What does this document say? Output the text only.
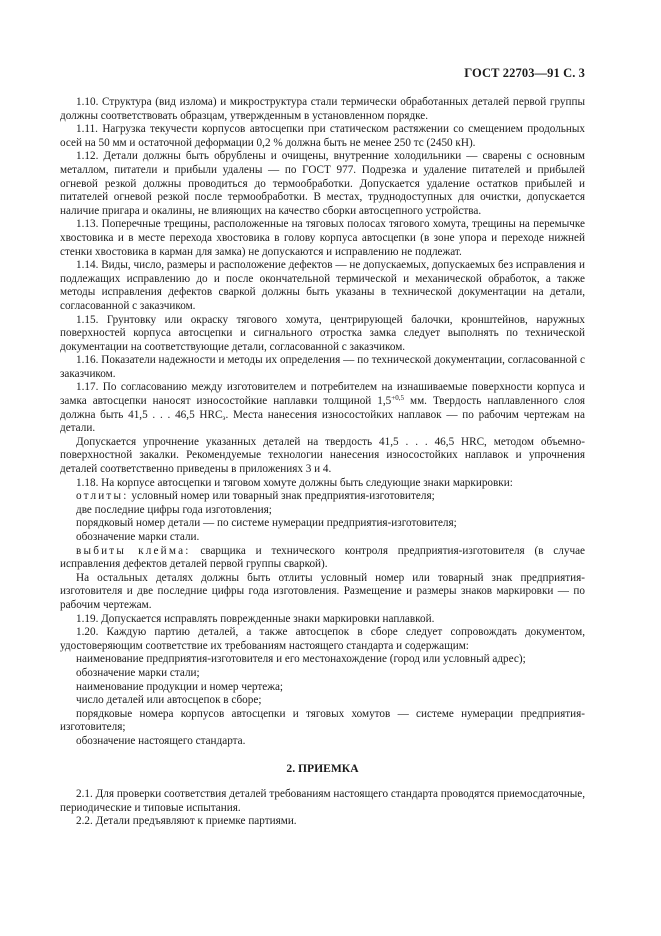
ГОСТ 22703—91 С. 3

1.10. Структура (вид излома) и микроструктура стали термически обработанных деталей первой группы должны соответствовать образцам, утвержденным в установленном порядке.

1.11. Нагрузка текучести корпусов автосцепки при статическом растяжении со смещением продольных осей на 50 мм и остаточной деформации 0,2 % должна быть не менее 250 тс (2450 кН).

1.12. Детали должны быть обрублены и очищены, внутренние холодильники — сварены с основным металлом, питатели и прибыли удалены — по ГОСТ 977. Подрезка и удаление питателей и прибылей огневой резкой должны проводиться до термообработки. Допускается удаление остатков прибылей и питателей огневой резкой после термообработки. В местах, труднодоступных для очистки, допускается наличие пригара и окалины, не влияющих на качество сборки автосцепного устройства.

1.13. Поперечные трещины, расположенные на тяговых полосах тягового хомута, трещины на перемычке хвостовика и в месте перехода хвостовика в голову корпуса автосцепки (в зоне упора и переходе нижней стенки хвостовика в карман для замка) не допускаются и исправлению не подлежат.

1.14. Виды, число, размеры и расположение дефектов — не допускаемых, допускаемых без исправления и подлежащих исправлению до и после окончательной термической и механической обработок, а также методы исправления дефектов сваркой должны быть указаны в технической документации на детали, согласованной с заказчиком.

1.15. Грунтовку или окраску тягового хомута, центрирующей балочки, кронштейнов, наружных поверхностей корпуса автосцепки и сигнального отростка замка следует выполнять по технической документации на соответствующие детали, согласованной с заказчиком.

1.16. Показатели надежности и методы их определения — по технической документации, согласованной с заказчиком.

1.17. По согласованию между изготовителем и потребителем на изнашиваемые поверхности корпуса и замка автосцепки наносят износостойкие наплавки толщиной $1,5^{+0,5}$ мм. Твердость наплавленного слоя должна быть 41,5 . . . 46,5 $HRC_э$. Места нанесения износостойких наплавок — по рабочим чертежам на детали.

Допускается упрочнение указанных деталей на твердость 41,5 . . . 46,5 HRC, методом объемно-поверхностной закалки. Рекомендуемые технологии нанесения износостойких наплавок и упрочнения деталей соответственно приведены в приложениях 3 и 4.

1.18. На корпусе автосцепки и тяговом хомуте должны быть следующие знаки маркировки:

отлиты: условный номер или товарный знак предприятия-изготовителя;

две последние цифры года изготовления;

порядковый номер детали — по системе нумерации предприятия-изготовителя;

обозначение марки стали.

выбиты клейма: сварщика и технического контроля предприятия-изготовителя (в случае исправления дефектов деталей первой группы сваркой).

На остальных деталях должны быть отлиты условный номер или товарный знак предприятия-изготовителя и две последние цифры года изготовления. Размещение и размеры знаков маркировки — по рабочим чертежам.

1.19. Допускается исправлять поврежденные знаки маркировки наплавкой.

1.20. Каждую партию деталей, а также автосцепок в сборе следует сопровождать документом, удостоверяющим соответствие их требованиям настоящего стандарта и содержащим:

наименование предприятия-изготовителя и его местонахождение (город или условный адрес);

обозначение марки стали;

наименование продукции и номер чертежа;

число деталей или автосцепок в сборе;

порядковые номера корпусов автосцепки и тяговых хомутов — системе нумерации предприятия-изготовителя;

обозначение настоящего стандарта.

2. ПРИЕМКА

2.1. Для проверки соответствия деталей требованиям настоящего стандарта проводятся приемосдаточные, периодические и типовые испытания.

2.2. Детали предъявляют к приемке партиями.
